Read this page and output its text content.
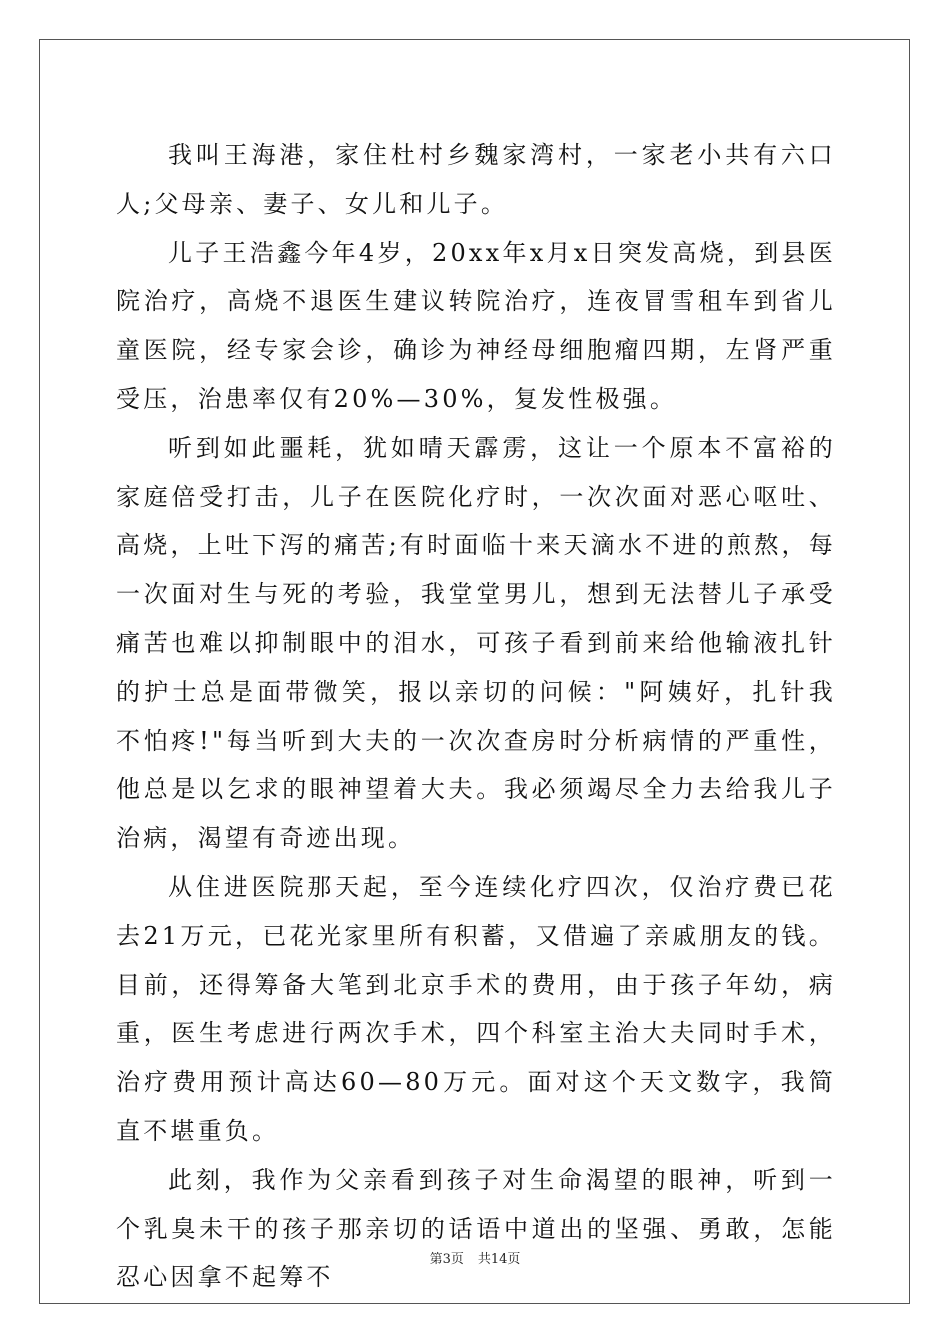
我叫王海港，家住杜村乡魏家湾村，一家老小共有六口人;父母亲、妻子、女儿和儿子。

儿子王浩鑫今年4岁，20xx年x月x日突发高烧，到县医院治疗，高烧不退医生建议转院治疗，连夜冒雪租车到省儿童医院，经专家会诊，确诊为神经母细胞瘤四期，左肾严重受压，治患率仅有20%—30%，复发性极强。

听到如此噩耗，犹如晴天霹雳，这让一个原本不富裕的家庭倍受打击，儿子在医院化疗时，一次次面对恶心呕吐、高烧，上吐下泻的痛苦;有时面临十来天滴水不进的煎熬，每一次面对生与死的考验，我堂堂男儿，想到无法替儿子承受痛苦也难以抑制眼中的泪水，可孩子看到前来给他输液扎针的护士总是面带微笑，报以亲切的问候："阿姨好，扎针我不怕疼!"每当听到大夫的一次次查房时分析病情的严重性，他总是以乞求的眼神望着大夫。我必须竭尽全力去给我儿子治病，渴望有奇迹出现。

从住进医院那天起，至今连续化疗四次，仅治疗费已花去21万元，已花光家里所有积蓄，又借遍了亲戚朋友的钱。目前，还得筹备大笔到北京手术的费用，由于孩子年幼，病重，医生考虑进行两次手术，四个科室主治大夫同时手术，治疗费用预计高达60—80万元。面对这个天文数字，我简直不堪重负。

此刻，我作为父亲看到孩子对生命渴望的眼神，听到一个乳臭未干的孩子那亲切的话语中道出的坚强、勇敢，怎能忍心因拿不起筹不

第3页 共14页
